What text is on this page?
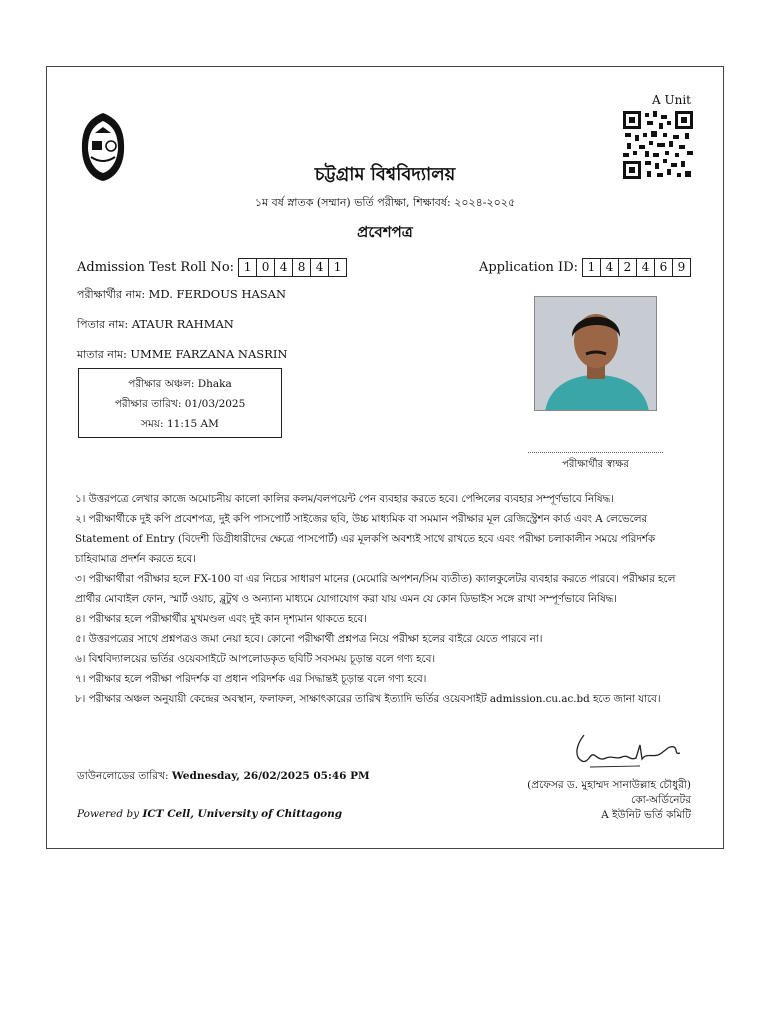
A Unit
চট্টগ্রাম বিশ্ববিদ্যালয়
১ম বর্ষ স্নাতক (সম্মান) ভর্তি পরীক্ষা, শিক্ষাবর্ষ: ২০২৪-২০২৫
প্রবেশপত্র
Admission Test Roll No: 1 0 4 8 4 1	Application ID: 1 4 2 4 6 9
পরীক্ষার্থীর নাম: MD. FERDOUS HASAN
পিতার নাম: ATAUR RAHMAN
মাতার নাম: UMME FARZANA NASRIN
পরীক্ষার অঞ্চল: Dhaka
পরীক্ষার তারিখ: 01/03/2025
সময়: 11:15 AM
পরীক্ষার্থীর স্বাক্ষর

১। উত্তরপত্রে লেখার কাজে অমোচনীয় কালো কালির কলম/বলপয়েন্ট পেন ব্যবহার করতে হবে। পেন্সিলের ব্যবহার সম্পূর্ণভাবে নিষিদ্ধ।

২। পরীক্ষার্থীকে দুই কপি প্রবেশপত্র, দুই কপি পাসপোর্ট সাইজের ছবি, উচ্চ মাধ্যমিক বা সমমান পরীক্ষার মূল রেজিস্ট্রেশন কার্ড এবং A লেভেলের Statement of Entry (বিদেশী ডিগ্রীধারীদের ক্ষেত্রে পাসপোর্ট) এর মূলকপি অবশ্যই সাথে রাখতে হবে এবং পরীক্ষা চলাকালীন সময়ে পরিদর্শক চাহিবামাত্র প্রদর্শন করতে হবে।

৩। পরীক্ষার্থীরা পরীক্ষার হলে FX-100 বা এর নিচের সাধারণ মানের (মেমোরি অপশন/সিম ব্যতীত) ক্যালকুলেটর ব্যবহার করতে পারবে। পরীক্ষার হলে প্রার্থীর মোবাইল ফোন, স্মার্ট ওয়াচ, ব্লুটুথ ও অন্যান্য মাধ্যমে যোগাযোগ করা যায় এমন যে কোন ডিভাইস সঙ্গে রাখা সম্পূর্ণভাবে নিষিদ্ধ।

৪। পরীক্ষার হলে পরীক্ষার্থীর মুখমণ্ডল এবং দুই কান দৃশ্যমান থাকতে হবে।

৫। উত্তরপত্রের সাথে প্রশ্নপত্রও জমা নেয়া হবে। কোনো পরীক্ষার্থী প্রশ্নপত্র নিয়ে পরীক্ষা হলের বাইরে যেতে পারবে না।

৬। বিশ্ববিদ্যালয়ের ভর্তির ওয়েবসাইটে আপলোডকৃত ছবিটি সবসময় চূড়ান্ত বলে গণ্য হবে।

৭। পরীক্ষার হলে পরীক্ষা পরিদর্শক বা প্রধান পরিদর্শক এর সিদ্ধান্তই চূড়ান্ত বলে গণ্য হবে।

৮। পরীক্ষার অঞ্চল অনুযায়ী কেন্দ্রের অবস্থান, ফলাফল, সাক্ষাৎকারের তারিখ ইত্যাদি ভর্তির ওয়েবসাইট admission.cu.ac.bd হতে জানা যাবে।

ডাউনলোডের তারিখ: Wednesday, 26/02/2025 05:46 PM
Powered by ICT Cell, University of Chittagong
(প্রফেসর ড. মুহাম্মদ সানাউল্লাহ চৌধুরী)
কো-অর্ডিনেটর
A ইউনিট ভর্তি কমিটি
